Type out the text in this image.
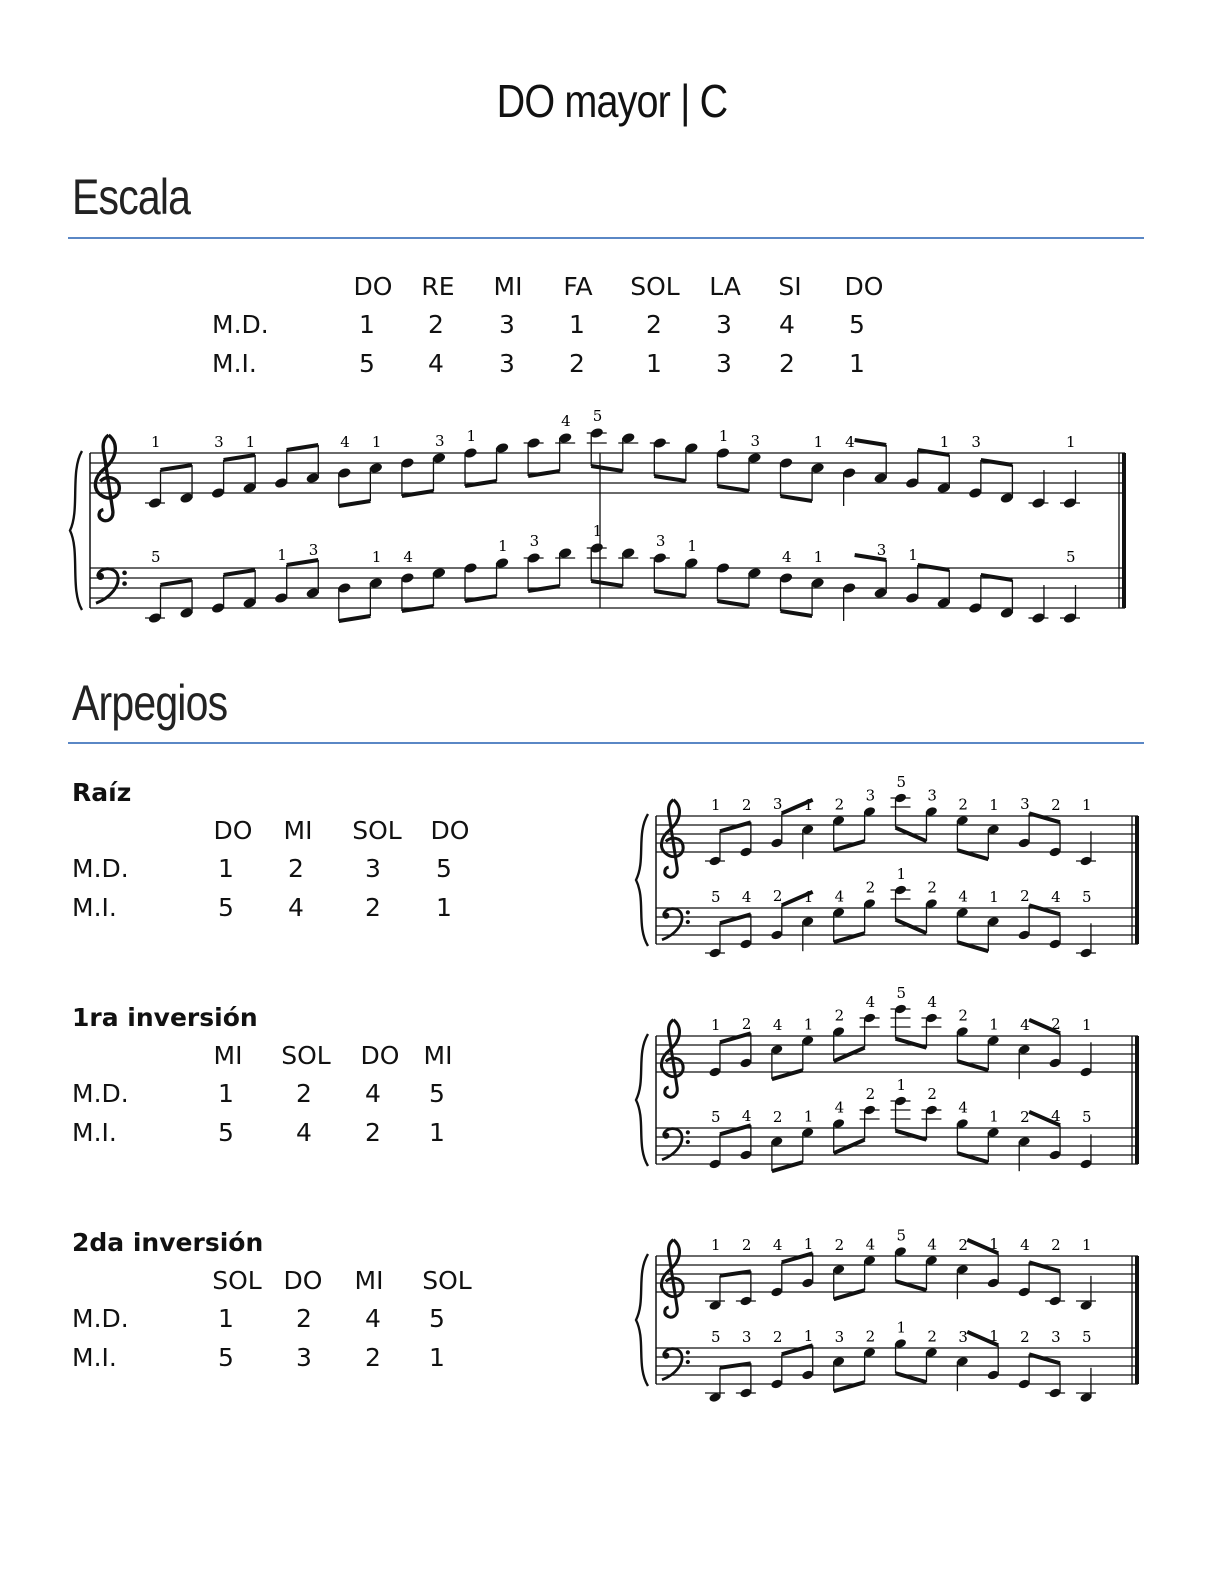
DO mayor | C
Escala
DO RE MI FA SOL LA SI DO
M.D.	1 2 3 1 2 3 4 5
M.I.	5 4 3 2 1 3 2 1
1	3 1	4 1	3 1
4 5
1 3	1 4	1 3	1
5	1 3	1 4
1 3
1
3 1
4 1	3 1	5
Arpegios
Raíz
DO MI SOL DO
M.D.	1 2 3 5
M.I.	5 4 2 1
1ra inversión
MI SOL DO MI
M.D.	1 2 4 5
M.I.	5 4 2 1
2da inversión
SOL DO MI SOL
M.D.	1 2 4 5
M.I.	5 3 2 1
1 2 3 1 2 3
5
3 2 1 3 2 1
5 4 2 1 4 2
1
2 4 1 2 4 5
1 2 4 1
2
4 5 4
2
1 4 2 1
5 4 2 1 4
2 1 2
4 1 2 4 5
1 2 4 1 2 4 5 4 2 1 4 2 1
5 3 2 1 3 2 1 2 3 1 2 3 5
